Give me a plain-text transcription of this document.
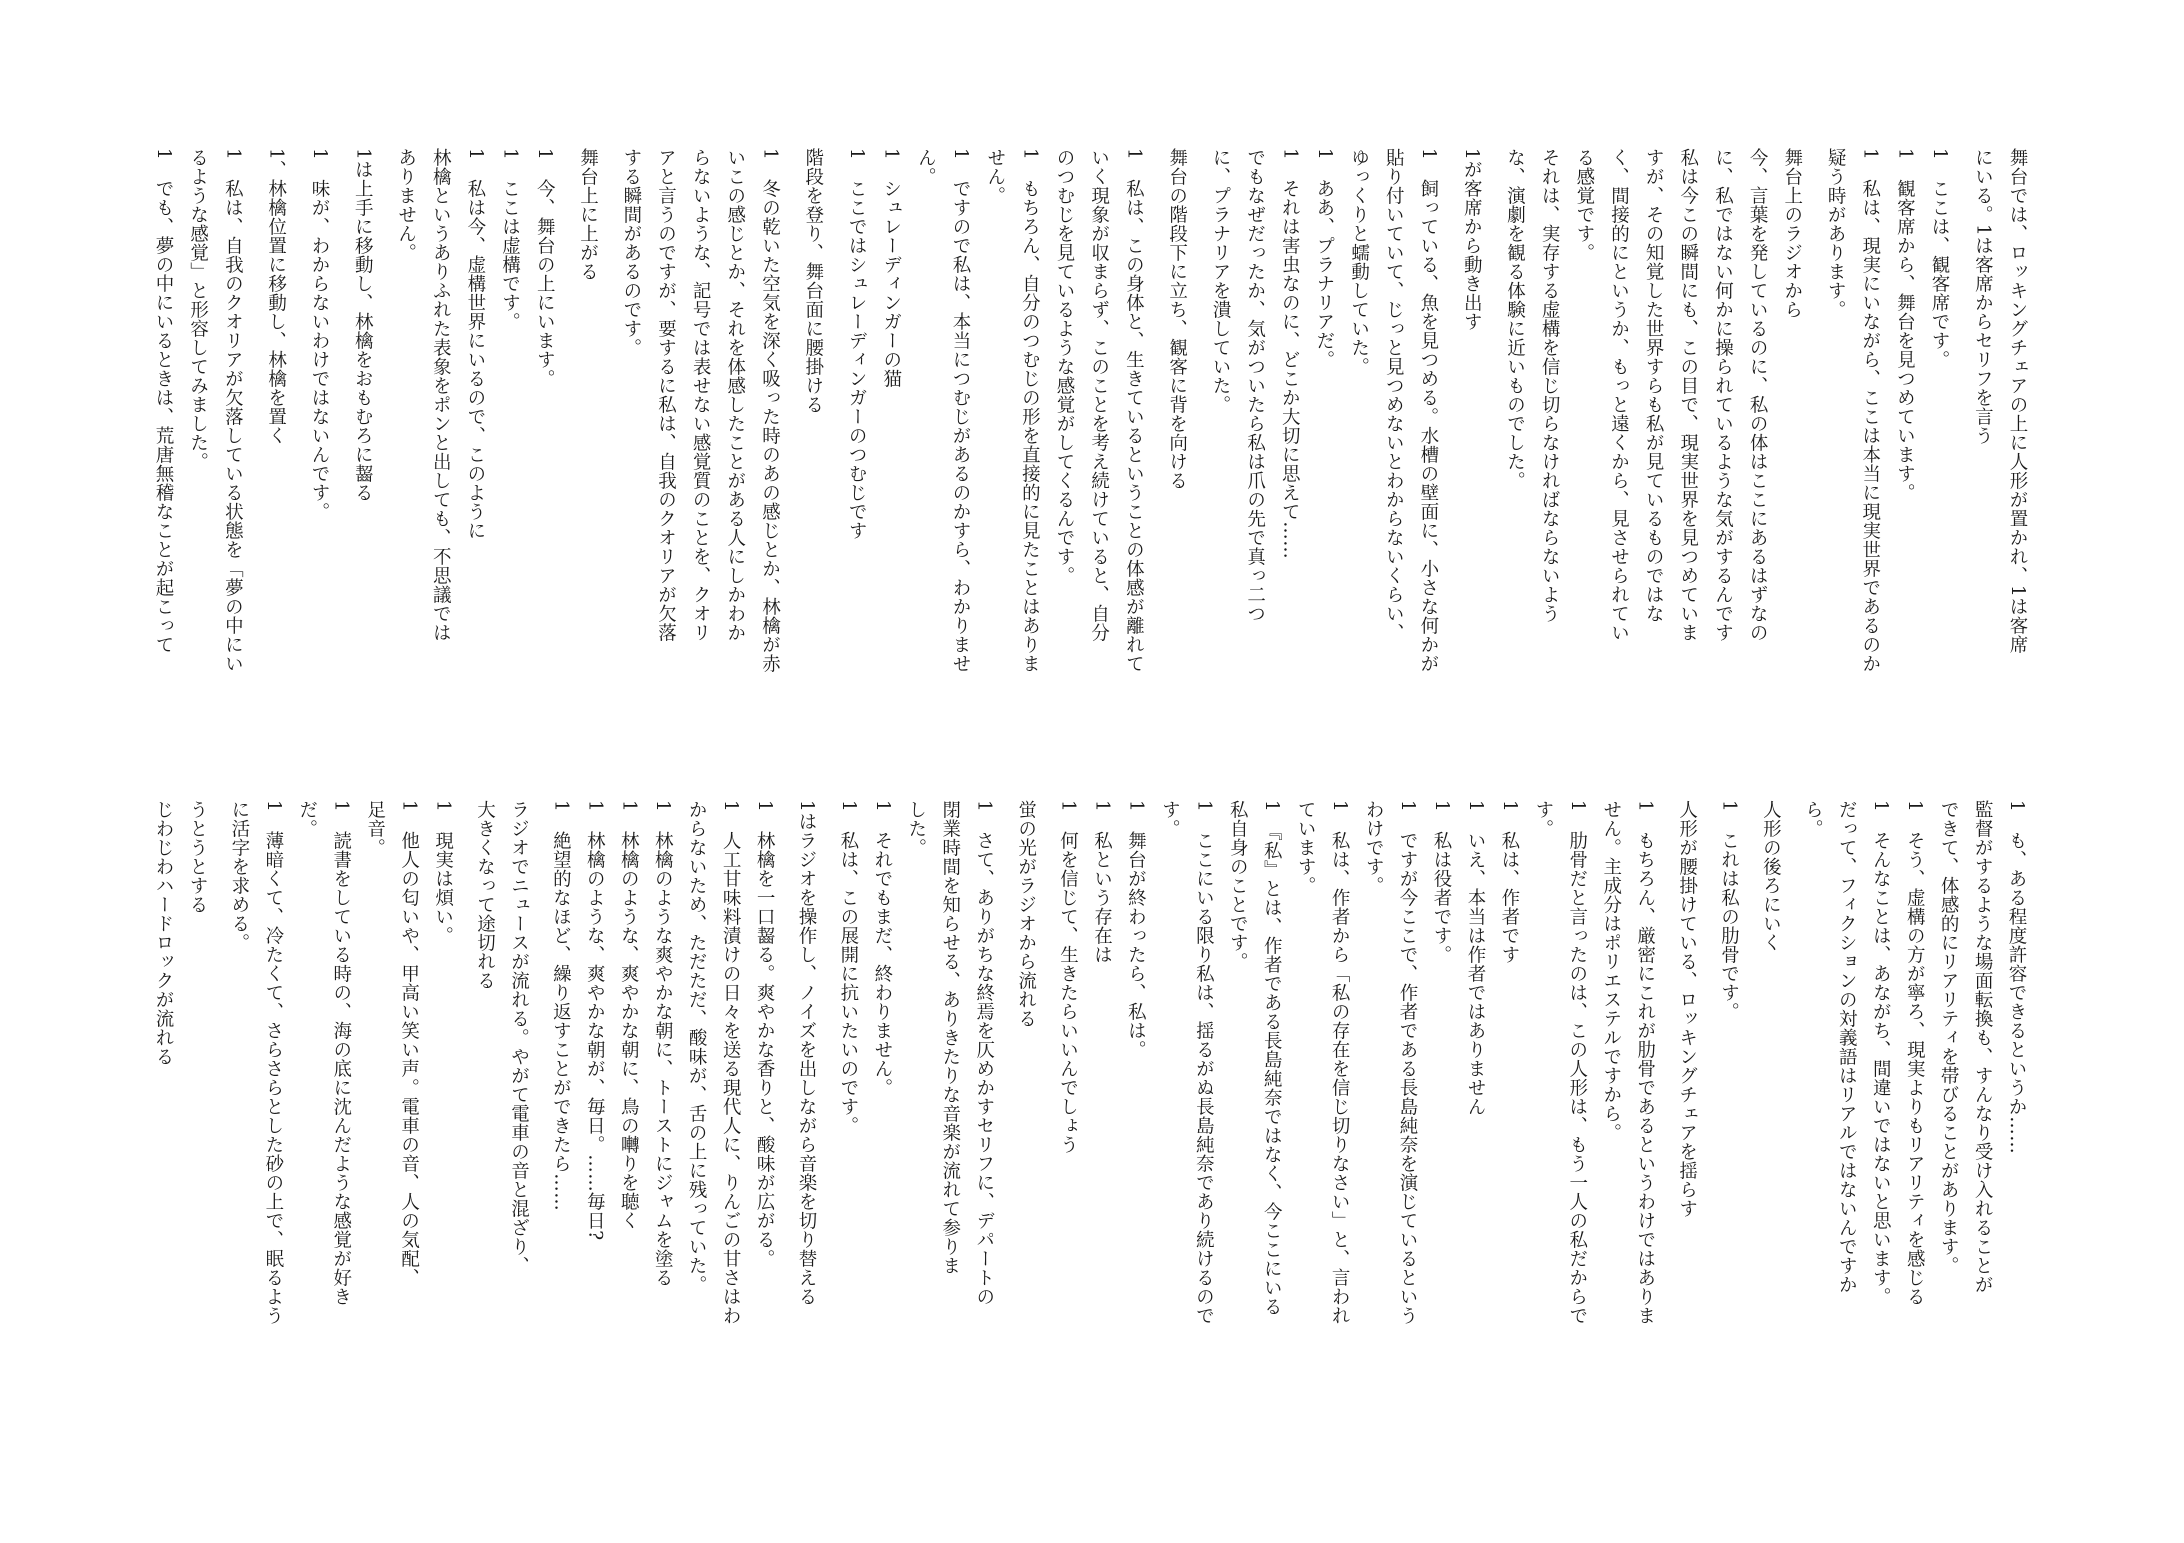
舞台では、ロッキングチェアの上に人形が置かれ、1は客席
にいる。1は客席からセリフを言う
1　ここは、観客席です。
1　観客席から、舞台を見つめています。
1　私は、現実にいながら、ここは本当に現実世界であるのか
疑う時があります。
舞台上のラジオから
今、言葉を発しているのに、私の体はここにあるはずなの
に、私ではない何かに操られているような気がするんです
私は今この瞬間にも、この目で、現実世界を見つめていま
すが、その知覚した世界すらも私が見ているものではな
く、間接的にというか、もっと遠くから、見させられてい
る感覚です。
それは、実存する虚構を信じ切らなければならないよう
な、演劇を観る体験に近いものでした。
1が客席から動き出す
1　飼っている、魚を見つめる。水槽の壁面に、小さな何かが
貼り付いていて、じっと見つめないとわからないくらい、
ゆっくりと蠕動していた。
1　ああ、プラナリアだ。
1　それは害虫なのに、どこか大切に思えて……
でもなぜだったか、気がついたら私は爪の先で真っ二つ
に、プラナリアを潰していた。
舞台の階段下に立ち、観客に背を向ける
1　私は、この身体と、生きているということの体感が離れて
いく現象が収まらず、このことを考え続けていると、自分
のつむじを見ているような感覚がしてくるんです。
1　もちろん、自分のつむじの形を直接的に見たことはありま
せん。
1　ですので私は、本当につむじがあるのかすら、わかりませ
ん。
1　シュレーディンガーの猫
1　ここではシュレーディンガーのつむじです
階段を登り、舞台面に腰掛ける
1　冬の乾いた空気を深く吸った時のあの感じとか、林檎が赤
いこの感じとか、それを体感したことがある人にしかわか
らないような、記号では表せない感覚質のことを、クオリ
アと言うのですが、要するに私は、自我のクオリアが欠落
する瞬間があるのです。
舞台上に上がる
1　今、舞台の上にいます。
1　ここは虚構です。
1　私は今、虚構世界にいるので、このように
林檎というありふれた表象をポンと出しても、不思議では
ありません。
1は上手に移動し、林檎をおもむろに齧る
1　味が、わからないわけではないんです。
1、林檎位置に移動し、林檎を置く
1　私は、自我のクオリアが欠落している状態を「夢の中にい
るような感覚」と形容してみました。
1　でも、夢の中にいるときは、荒唐無稽なことが起こって
1　も、ある程度許容できるというか……
監督がするような場面転換も、すんなり受け入れることが
できて、体感的にリアリティを帯びることがあります。
1　そう、虚構の方が寧ろ、現実よりもリアリティを感じる
1　そんなことは、あながち、間違いではないと思います。
だって、フィクションの対義語はリアルではないんですか
ら。
人形の後ろにいく
1　これは私の肋骨です。
人形が腰掛けている、ロッキングチェアを揺らす
1　もちろん、厳密にこれが肋骨であるというわけではありま
せん。主成分はポリエステルですから。
1　肋骨だと言ったのは、この人形は、もう一人の私だからで
す。
1　私は、作者です
1　いえ、本当は作者ではありません
1　私は役者です。
1　ですが今ここで、作者である長島純奈を演じているという
わけです。
1　私は、作者から「私の存在を信じ切りなさい」と、言われ
ています。
1　『私』とは、作者である長島純奈ではなく、今ここにいる
私自身のことです。
1　ここにいる限り私は、揺るがぬ長島純奈であり続けるので
す。
1　舞台が終わったら、私は。
1　私という存在は
1　何を信じて、生きたらいいんでしょう
蛍の光がラジオから流れる
1　さて、ありがちな終焉を仄めかすセリフに、デパートの
閉業時間を知らせる、ありきたりな音楽が流れて参りま
した。
1　それでもまだ、終わりません。
1　私は、この展開に抗いたいのです。
1はラジオを操作し、ノイズを出しながら音楽を切り替える
1　林檎を一口齧る。爽やかな香りと、酸味が広がる。
1　人工甘味料漬けの日々を送る現代人に、りんごの甘さはわ
からないため、ただただ、酸味が、舌の上に残っていた。
1　林檎のような爽やかな朝に、トーストにジャムを塗る
1　林檎のような、爽やかな朝に、鳥の囀りを聴く
1　林檎のような、爽やかな朝が、毎日。……毎日?
1　絶望的なほど、繰り返すことができたら……
ラジオでニュースが流れる。やがて電車の音と混ざり、
大きくなって途切れる
1　現実は煩い。
1　他人の匂いや、甲高い笑い声。電車の音、人の気配、
足音。
1　読書をしている時の、海の底に沈んだような感覚が好き
だ。
1　薄暗くて、冷たくて、さらさらとした砂の上で、眠るよう
に活字を求める。
うとうとする
じわじわハードロックが流れる
